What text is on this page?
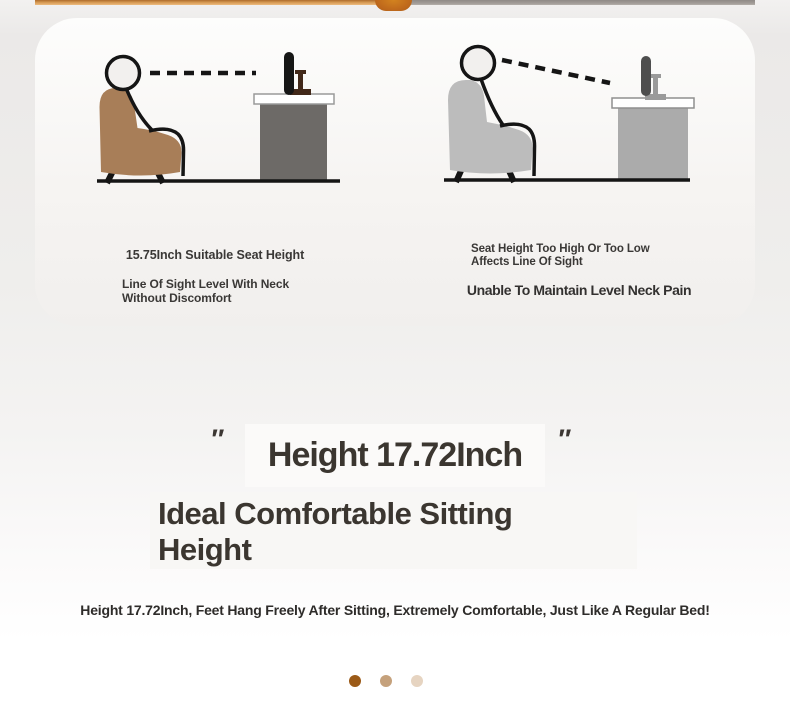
15.75Inch Suitable Seat Height
Line Of Sight Level With Neck
Without Discomfort
Seat Height Too High Or Too Low
Affects Line Of Sight
Unable To Maintain Level Neck Pain
″ Height 17.72Inch ″

Ideal Comfortable Sitting
Height

Height 17.72Inch, Feet Hang Freely After Sitting, Extremely Comfortable, Just Like A Regular Bed!
